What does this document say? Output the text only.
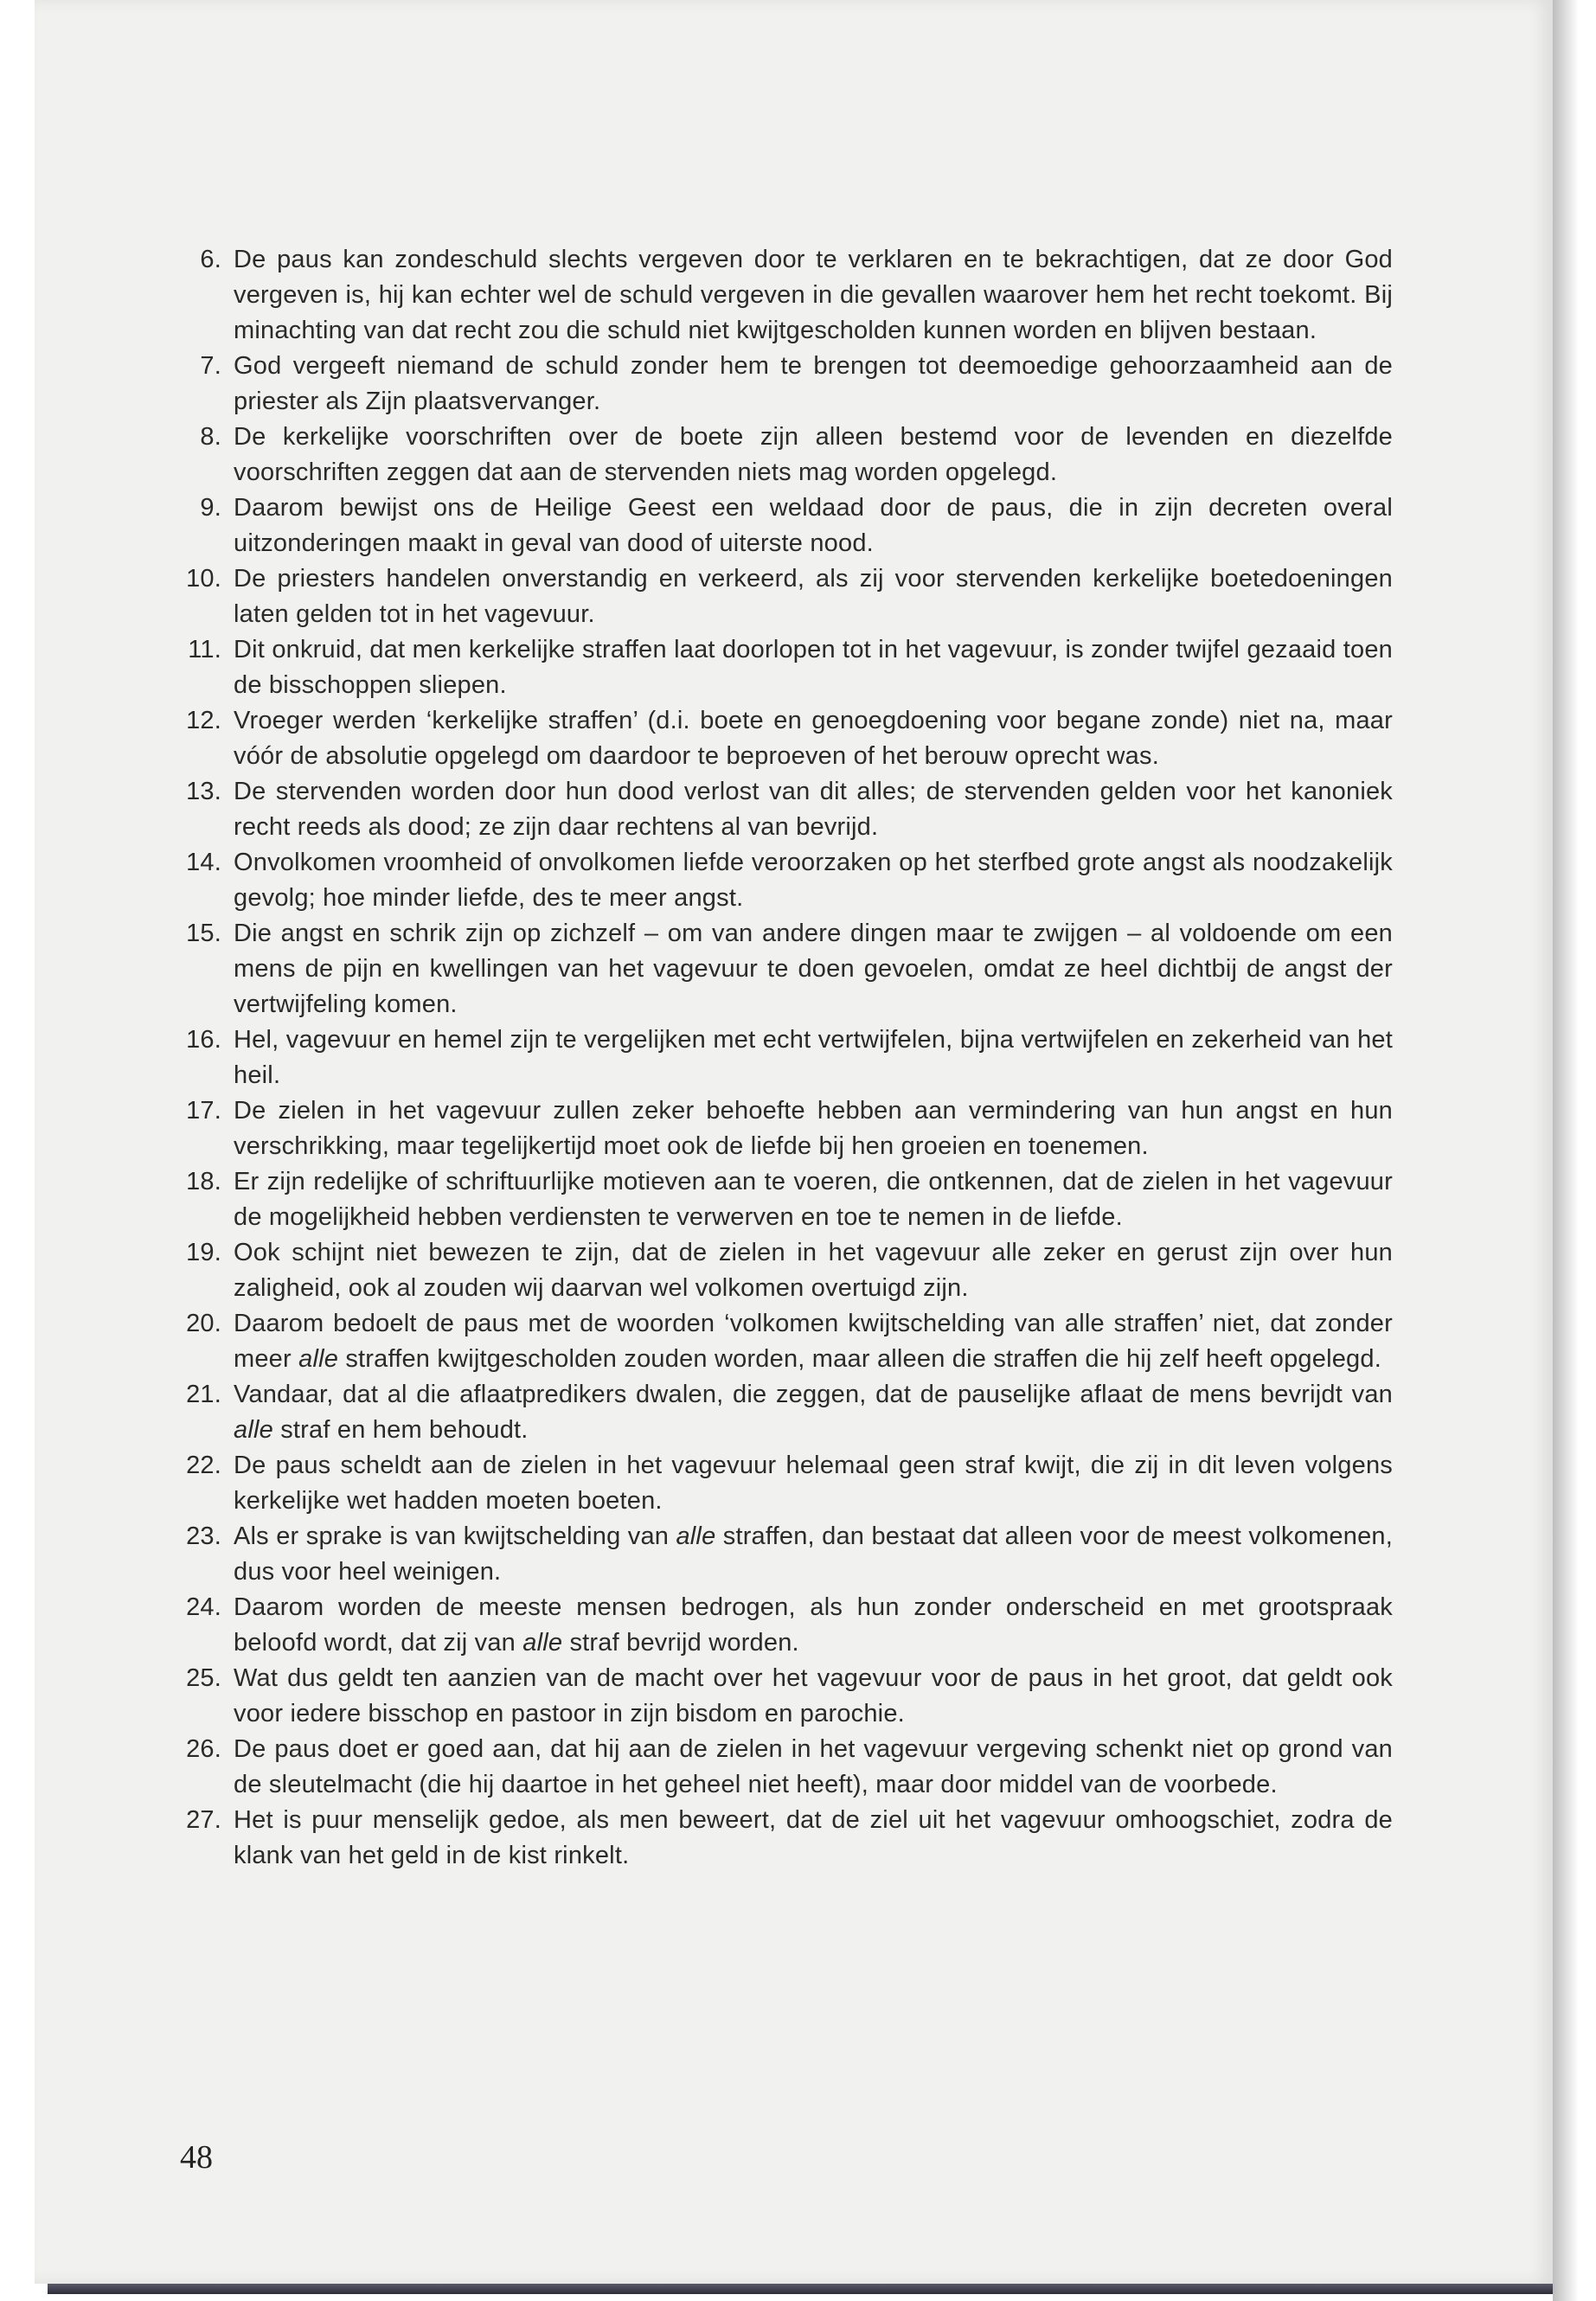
6. De paus kan zondeschuld slechts vergeven door te verklaren en te bekrachtigen, dat ze door God vergeven is, hij kan echter wel de schuld vergeven in die gevallen waarover hem het recht toekomt. Bij minachting van dat recht zou die schuld niet kwijtgescholden kunnen worden en blijven bestaan.
7. God vergeeft niemand de schuld zonder hem te brengen tot deemoedige gehoorzaamheid aan de priester als Zijn plaatsvervanger.
8. De kerkelijke voorschriften over de boete zijn alleen bestemd voor de levenden en diezelfde voorschriften zeggen dat aan de stervenden niets mag worden opgelegd.
9. Daarom bewijst ons de Heilige Geest een weldaad door de paus, die in zijn decreten overal uitzonderingen maakt in geval van dood of uiterste nood.
10. De priesters handelen onverstandig en verkeerd, als zij voor stervenden kerkelijke boetedoeningen laten gelden tot in het vagevuur.
11. Dit onkruid, dat men kerkelijke straffen laat doorlopen tot in het vagevuur, is zonder twijfel gezaaid toen de bisschoppen sliepen.
12. Vroeger werden ‘kerkelijke straffen’ (d.i. boete en genoegdoening voor begane zonde) niet na, maar vóór de absolutie opgelegd om daardoor te beproeven of het berouw oprecht was.
13. De stervenden worden door hun dood verlost van dit alles; de stervenden gelden voor het kanoniek recht reeds als dood; ze zijn daar rechtens al van bevrijd.
14. Onvolkomen vroomheid of onvolkomen liefde veroorzaken op het sterfbed grote angst als noodzakelijk gevolg; hoe minder liefde, des te meer angst.
15. Die angst en schrik zijn op zichzelf – om van andere dingen maar te zwijgen – al voldoende om een mens de pijn en kwellingen van het vagevuur te doen gevoelen, omdat ze heel dichtbij de angst der vertwijfeling komen.
16. Hel, vagevuur en hemel zijn te vergelijken met echt vertwijfelen, bijna vertwijfelen en zekerheid van het heil.
17. De zielen in het vagevuur zullen zeker behoefte hebben aan vermindering van hun angst en hun verschrikking, maar tegelijkertijd moet ook de liefde bij hen groeien en toenemen.
18. Er zijn redelijke of schriftuurlijke motieven aan te voeren, die ontkennen, dat de zielen in het vagevuur de mogelijkheid hebben verdiensten te verwerven en toe te nemen in de liefde.
19. Ook schijnt niet bewezen te zijn, dat de zielen in het vagevuur alle zeker en gerust zijn over hun zaligheid, ook al zouden wij daarvan wel volkomen overtuigd zijn.
20. Daarom bedoelt de paus met de woorden ‘volkomen kwijtschelding van alle straffen’ niet, dat zonder meer alle straffen kwijtgescholden zouden worden, maar alleen die straffen die hij zelf heeft opgelegd.
21. Vandaar, dat al die aflaatpredikers dwalen, die zeggen, dat de pauselijke aflaat de mens bevrijdt van alle straf en hem behoudt.
22. De paus scheldt aan de zielen in het vagevuur helemaal geen straf kwijt, die zij in dit leven volgens kerkelijke wet hadden moeten boeten.
23. Als er sprake is van kwijtschelding van alle straffen, dan bestaat dat alleen voor de meest volkomenen, dus voor heel weinigen.
24. Daarom worden de meeste mensen bedrogen, als hun zonder onderscheid en met grootspraak beloofd wordt, dat zij van alle straf bevrijd worden.
25. Wat dus geldt ten aanzien van de macht over het vagevuur voor de paus in het groot, dat geldt ook voor iedere bisschop en pastoor in zijn bisdom en parochie.
26. De paus doet er goed aan, dat hij aan de zielen in het vagevuur vergeving schenkt niet op grond van de sleutelmacht (die hij daartoe in het geheel niet heeft), maar door middel van de voorbede.
27. Het is puur menselijk gedoe, als men beweert, dat de ziel uit het vagevuur omhoogschiet, zodra de klank van het geld in de kist rinkelt.
48
